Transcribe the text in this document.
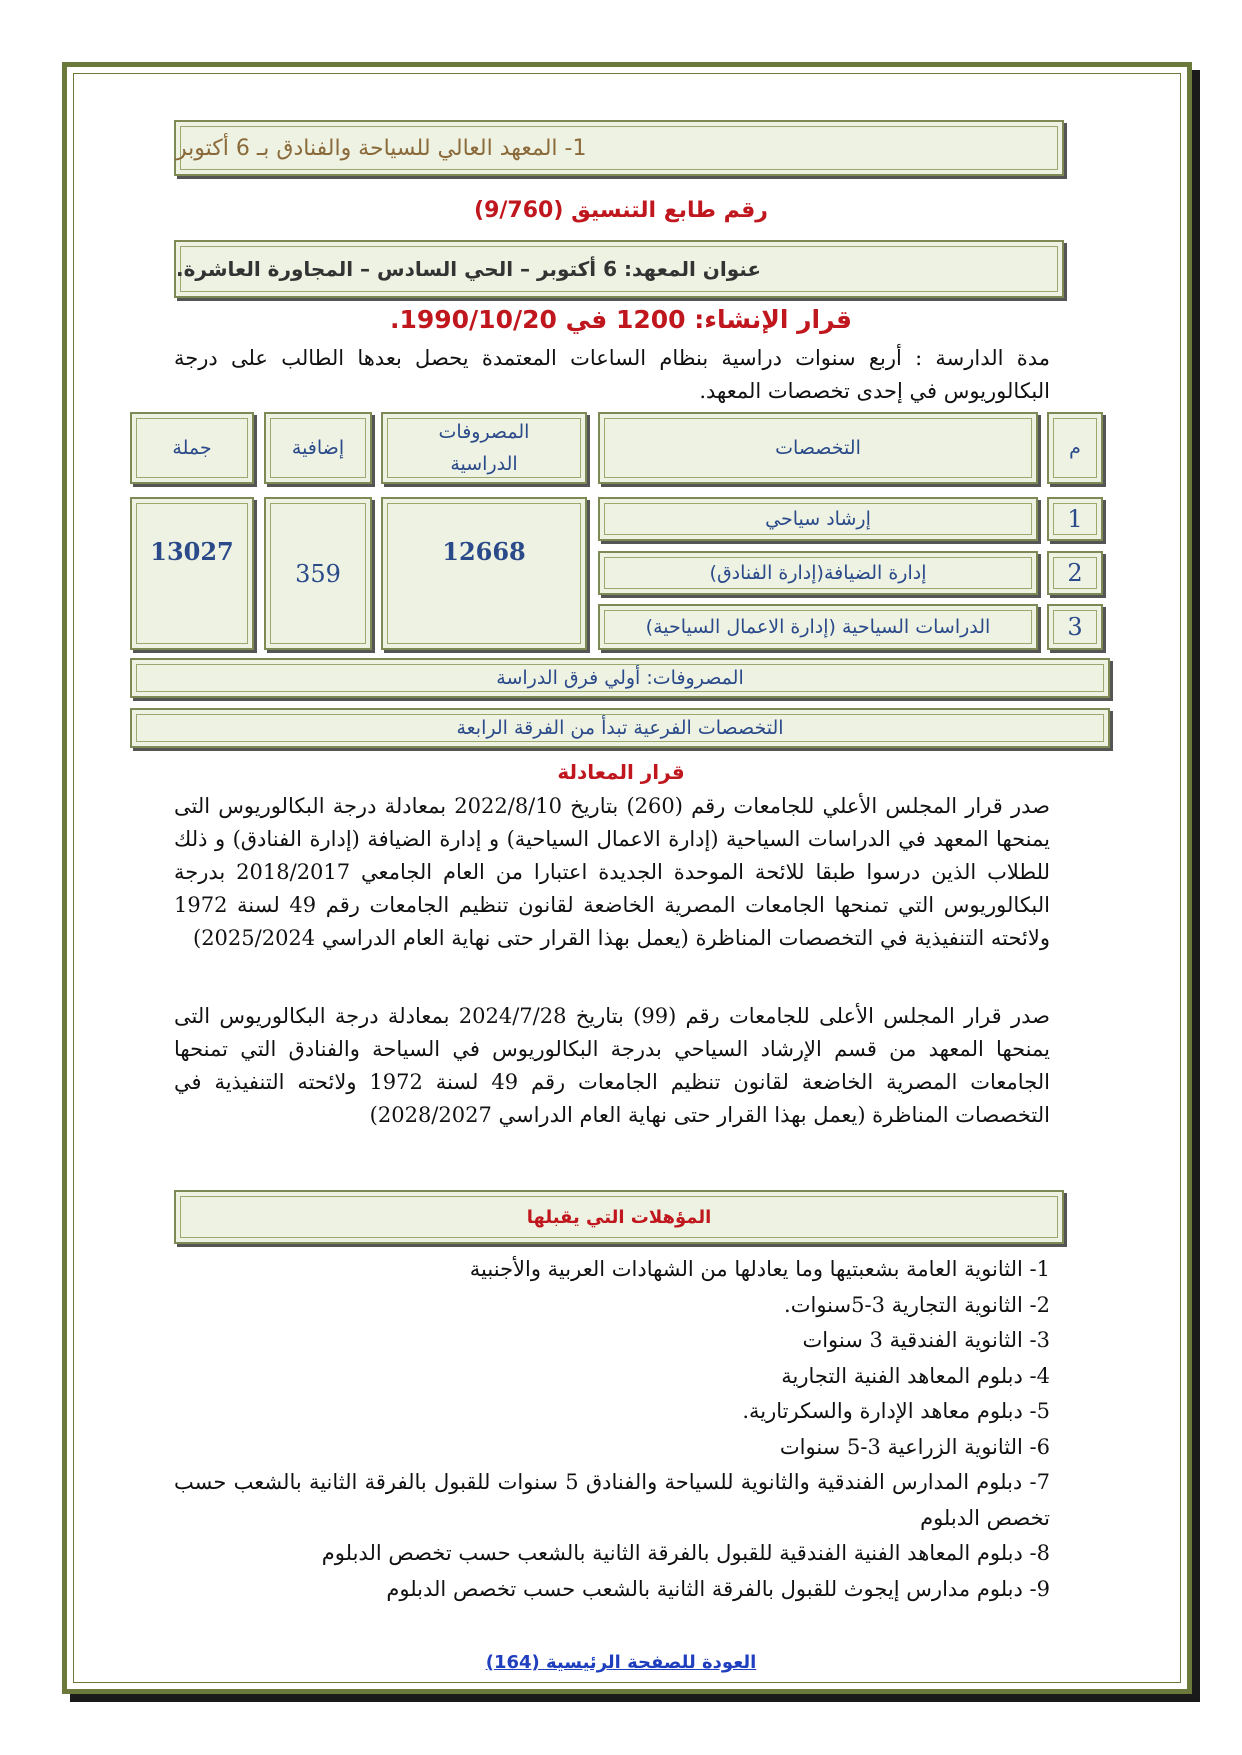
1- المعهد العالي للسياحة والفنادق بـ 6 أكتوبر
رقم طابع التنسيق (9/760)
عنوان المعهد: 6 أكتوبر – الحي السادس – المجاورة العاشرة.
قرار الإنشاء: 1200 في 1990/10/20.
مدة الدارسة : أربع سنوات دراسية بنظام الساعات المعتمدة يحصل بعدها الطالب على درجة البكالوريوس في إحدى تخصصات المعهد.
م
التخصصات
المصروفات الدراسية
إضافية
جملة
1
إرشاد سياحي
2
إدارة الضيافة(إدارة الفنادق)
3
الدراسات السياحية (إدارة الاعمال السياحية)
12668
359
13027
المصروفات: أولي فرق الدراسة
التخصصات الفرعية تبدأ من الفرقة الرابعة
قرار المعادلة
صدر قرار المجلس الأعلي للجامعات رقم (260) بتاريخ 2022/8/10 بمعادلة درجة البكالوريوس التى يمنحها المعهد في الدراسات السياحية (إدارة الاعمال السياحية) و إدارة الضيافة (إدارة الفنادق) و ذلك للطلاب الذين درسوا طبقا للائحة الموحدة الجديدة اعتبارا من العام الجامعي 2018/2017 بدرجة البكالوريوس التي تمنحها الجامعات المصرية الخاضعة لقانون تنظيم الجامعات رقم 49 لسنة 1972 ولائحته التنفيذية في التخصصات المناظرة (يعمل بهذا القرار حتى نهاية العام الدراسي 2025/2024)
صدر قرار المجلس الأعلى للجامعات رقم (99) بتاريخ 2024/7/28 بمعادلة درجة البكالوريوس التى يمنحها المعهد من قسم الإرشاد السياحي بدرجة البكالوريوس في السياحة والفنادق التي تمنحها الجامعات المصرية الخاضعة لقانون تنظيم الجامعات رقم 49 لسنة 1972 ولائحته التنفيذية في التخصصات المناظرة (يعمل بهذا القرار حتى نهاية العام الدراسي 2028/2027)
المؤهلات التي يقبلها
1- الثانوية العامة بشعبتيها وما يعادلها من الشهادات العربية والأجنبية
2- الثانوية التجارية 3-5سنوات.
3- الثانوية الفندقية 3 سنوات
4- دبلوم المعاهد الفنية التجارية
5- دبلوم معاهد الإدارة والسكرتارية.
6- الثانوية الزراعية 3-5 سنوات
7- دبلوم المدارس الفندقية والثانوية للسياحة والفنادق 5 سنوات للقبول بالفرقة الثانية بالشعب حسب تخصص الدبلوم
8- دبلوم المعاهد الفنية الفندقية للقبول بالفرقة الثانية بالشعب حسب تخصص الدبلوم
9- دبلوم مدارس إيجوث للقبول بالفرقة الثانية بالشعب حسب تخصص الدبلوم
العودة للصفحة الرئيسية (164)
